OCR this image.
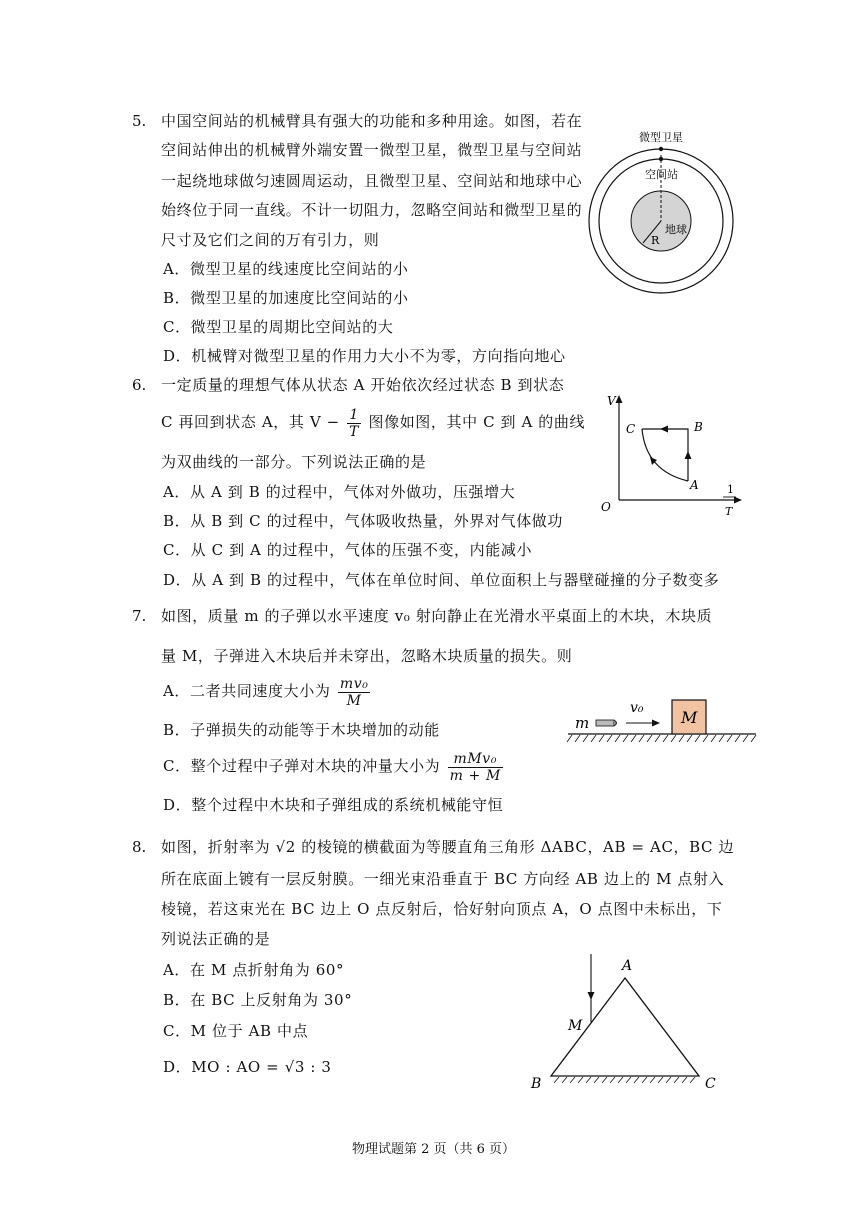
5. 中国空间站的机械臂具有强大的功能和多种用途。如图，若在
空间站伸出的机械臂外端安置一微型卫星，微型卫星与空间站
一起绕地球做匀速圆周运动，且微型卫星、空间站和地球中心
始终位于同一直线。不计一切阻力，忽略空间站和微型卫星的
尺寸及它们之间的万有引力，则
A．微型卫星的线速度比空间站的小
B．微型卫星的加速度比空间站的小
C．微型卫星的周期比空间站的大
D．机械臂对微型卫星的作用力大小不为零，方向指向地心
微型卫星
空间站
地球
R
6. 一定质量的理想气体从状态 A 开始依次经过状态 B 到状态
C 再回到状态 A，其 $V - \frac{1}{T}$ 图像如图，其中 C 到 A 的曲线
为双曲线的一部分。下列说法正确的是
A．从 A 到 B 的过程中，气体对外做功，压强增大
B．从 B 到 C 的过程中，气体吸收热量，外界对气体做功
C．从 C 到 A 的过程中，气体的压强不变，内能减小
D．从 A 到 B 的过程中，气体在单位时间、单位面积上与器壁碰撞的分子数变多
V
C	B
A
O
1
T
7. 如图，质量 m 的子弹以水平速度 v₀ 射向静止在光滑水平桌面上的木块，木块质
量 M，子弹进入木块后并未穿出，忽略木块质量的损失。则
A．二者共同速度大小为 $\frac{\text{mv₀}}{M}$
B．子弹损失的动能等于木块增加的动能
C．整个过程中子弹对木块的冲量大小为 $\frac{\text{mMv₀}}{m + M}$
D．整个过程中木块和子弹组成的系统机械能守恒
m
v₀ M
8. 如图，折射率为 √2 的棱镜的横截面为等腰直角三角形 ΔABC，AB = AC，BC 边
所在底面上镀有一层反射膜。一细光束沿垂直于 BC 方向经 AB 边上的 M 点射入
棱镜，若这束光在 BC 边上 O 点反射后，恰好射向顶点 A，O 点图中未标出，下
列说法正确的是
A．在 M 点折射角为 60°
B．在 BC 上反射角为 30°
C．M 位于 AB 中点
D．MO : AO = √3 : 3
A
M
B	C
物理试题第 2 页（共 6 页）
